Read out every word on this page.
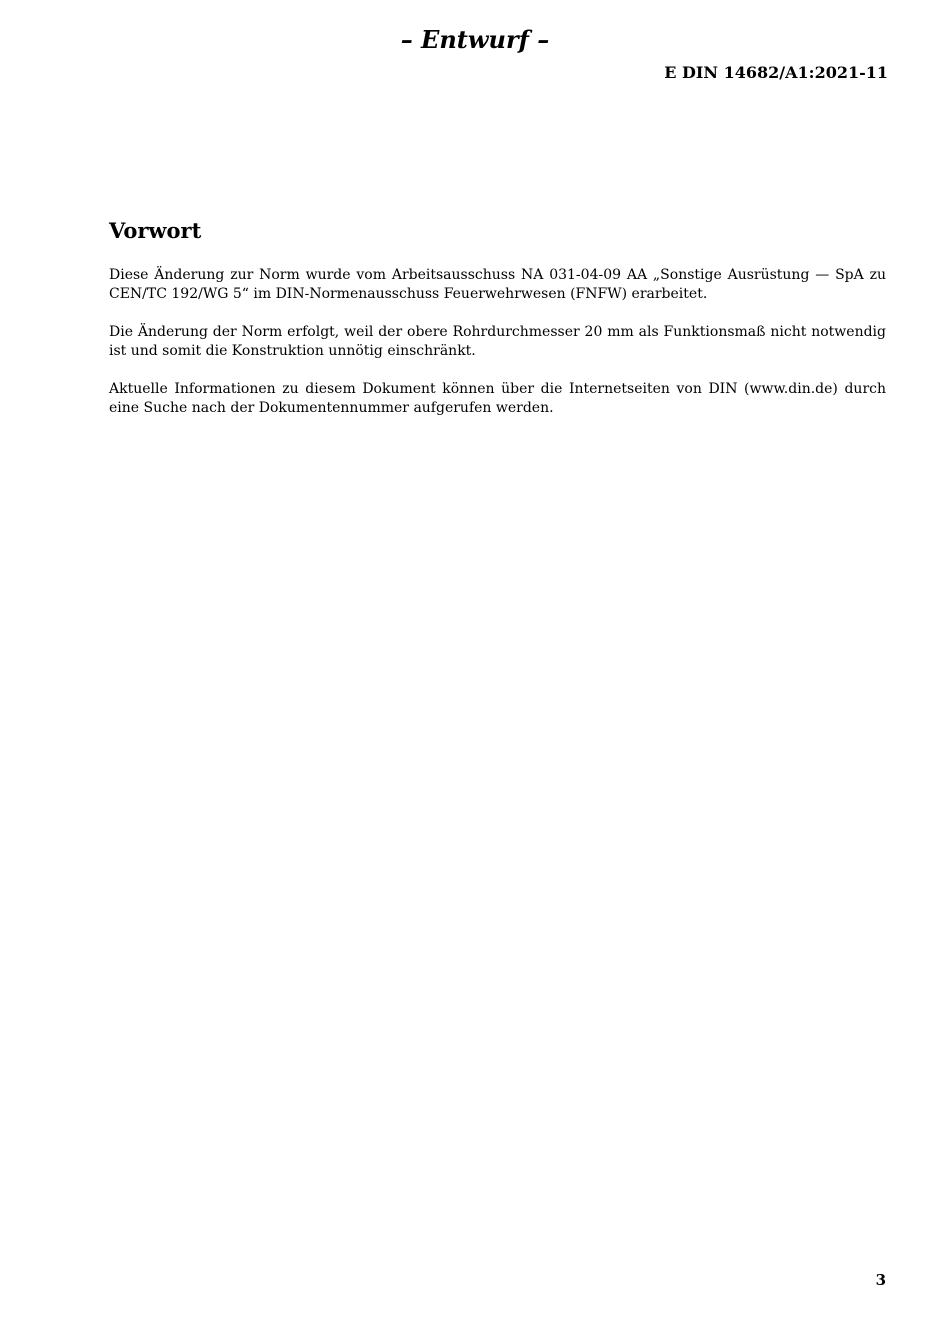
– Entwurf –
E DIN 14682/A1:2021-11
Vorwort

Diese Änderung zur Norm wurde vom Arbeitsausschuss NA 031-04-09 AA „Sonstige Ausrüstung — SpA zu CEN/TC 192/WG 5“ im DIN-Normenausschuss Feuerwehrwesen (FNFW) erarbeitet.

Die Änderung der Norm erfolgt, weil der obere Rohrdurchmesser 20 mm als Funktionsmaß nicht notwendig ist und somit die Konstruktion unnötig einschränkt.

Aktuelle Informationen zu diesem Dokument können über die Internetseiten von DIN (www.din.de) durch eine Suche nach der Dokumentennummer aufgerufen werden.

3
